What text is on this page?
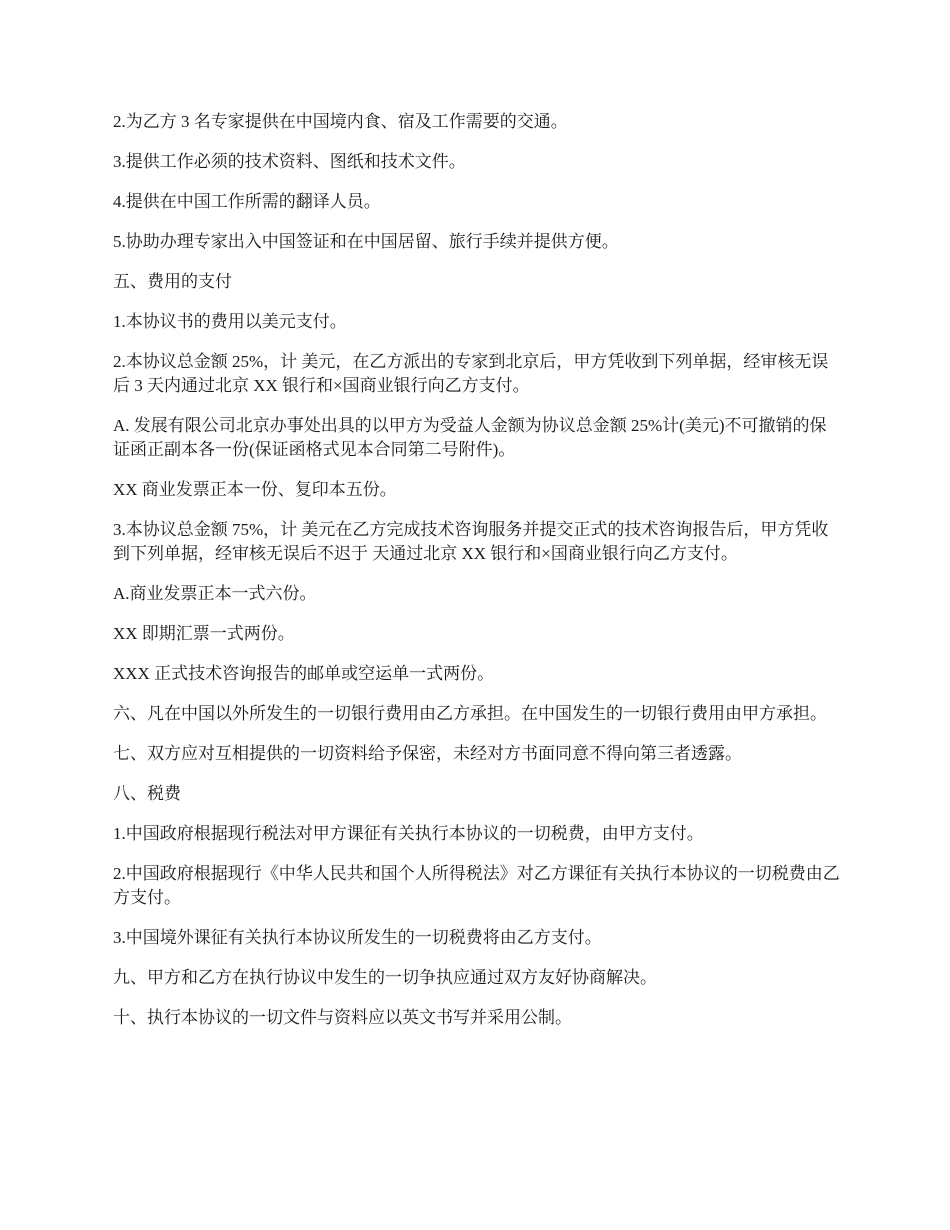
2.为乙方 3 名专家提供在中国境内食、宿及工作需要的交通。

3.提供工作必须的技术资料、图纸和技术文件。

4.提供在中国工作所需的翻译人员。

5.协助办理专家出入中国签证和在中国居留、旅行手续并提供方便。

五、费用的支付

1.本协议书的费用以美元支付。

2.本协议总金额 25%，计 美元，在乙方派出的专家到北京后，甲方凭收到下列单据，经审核无误后 3 天内通过北京 XX 银行和×国商业银行向乙方支付。

A. 发展有限公司北京办事处出具的以甲方为受益人金额为协议总金额 25%计(美元)不可撤销的保证函正副本各一份(保证函格式见本合同第二号附件)。

XX 商业发票正本一份、复印本五份。

3.本协议总金额 75%，计 美元在乙方完成技术咨询服务并提交正式的技术咨询报告后，甲方凭收到下列单据，经审核无误后不迟于 天通过北京 XX 银行和×国商业银行向乙方支付。

A.商业发票正本一式六份。

XX 即期汇票一式两份。

XXX 正式技术咨询报告的邮单或空运单一式两份。

六、凡在中国以外所发生的一切银行费用由乙方承担。在中国发生的一切银行费用由甲方承担。

七、双方应对互相提供的一切资料给予保密，未经对方书面同意不得向第三者透露。

八、税费

1.中国政府根据现行税法对甲方课征有关执行本协议的一切税费，由甲方支付。

2.中国政府根据现行《中华人民共和国个人所得税法》对乙方课征有关执行本协议的一切税费由乙方支付。

3.中国境外课征有关执行本协议所发生的一切税费将由乙方支付。

九、甲方和乙方在执行协议中发生的一切争执应通过双方友好协商解决。

十、执行本协议的一切文件与资料应以英文书写并采用公制。
